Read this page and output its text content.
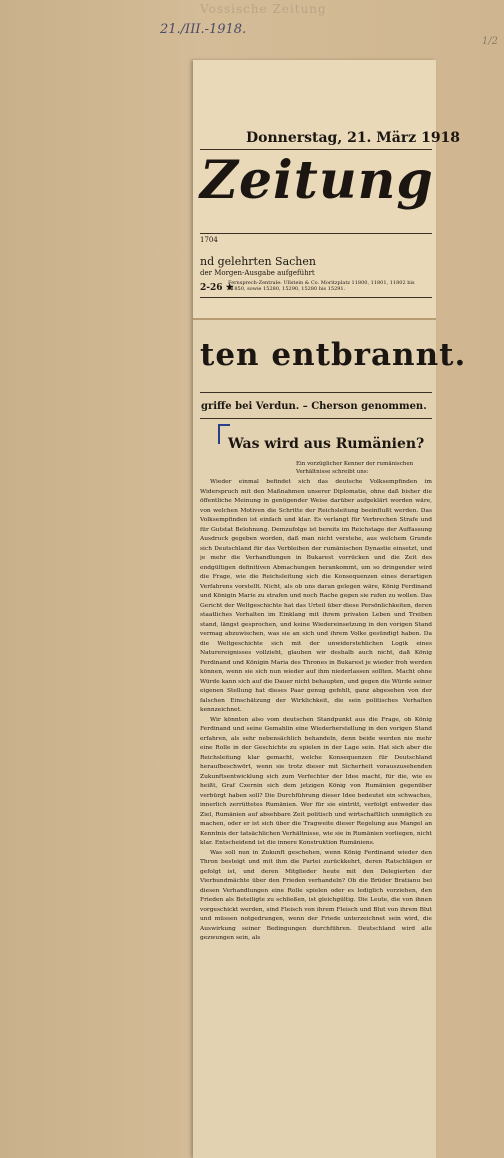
Vossische Zeitung
21./III.-1918.
1/2
Donnerstag, 21. März 1918
Zeitung
1704
nd gelehrten Sachen
der Morgen-Ausgabe aufgeführt
2-26 ★
Fernsprech-Zentrale: Ullstein & Co. Moritzplatz 11800, 11801, 11802 bis 11850, sowie 15280, 15290, 15280 bis 15291.
ten entbrannt.
griffe bei Verdun. – Cherson genommen.
Was wird aus Rumänien?
Ein vorzüglicher Kenner der rumänischen Verhältnisse schreibt uns:

Wieder einmal befindet sich das deutsche Volksempfinden im Widerspruch mit den Maßnahmen unserer Diplomatie, ohne daß bisher die öffentliche Meinung in genügender Weise darüber aufgeklärt worden wäre, von welchen Motiven die Schritte der Reichsleitung beeinflußt werden. Das Volksempfinden ist einfach und klar. Es verlangt für Verbrechen Strafe und für Gutstat Belohnung. Demzufolge ist bereits im Reichstage der Auffassung Ausdruck gegeben worden, daß man nicht verstehe, aus welchem Grunde sich Deutschland für das Verbleiben der rumänischen Dynastie einsetzt, und je mehr die Verhandlungen in Bukarest vorrücken und die Zeit des endgültigen definitiven Abmachungen herankommt, um so dringender wird die Frage, wie die Reichsleitung sich die Konsequenzen eines derartigen Verfahrens vorstellt. Nicht, als ob uns daran gelegen wäre, König Ferdinand und Königin Marie zu strafen und noch Rache gegen sie rufen zu wollen. Das Gericht der Weltgeschichte hat das Urteil über diese Persönlichkeiten, deren staatliches Verhalten im Einklang mit ihrem privaten Leben und Treiben stand, längst gesprochen, und keine Wiedereinsetzung in den vorigen Stand vermag abzuwischen, was sie an sich und ihrem Volke gesündigt haben. Da die Weltgeschichte sich mit der unwiderstehlichen Logik eines Naturereignisses vollzieht, glauben wir deshalb auch nicht, daß König Ferdinand und Königin Maria des Thrones in Bukarest je wieder froh werden können, wenn sie sich nun wieder auf ihm niederlassen sollten. Macht ohne Würde kann sich auf die Dauer nicht behaupten, und gegen die Würde seiner eigenen Stellung hat dieses Paar genug gefehlt, ganz abgesehen von der falschen Einschätzung der Wirklichkeit, die sein politisches Verhalten kennzeichnet.

Wir könnten also vom deutschen Standpunkt aus die Frage, ob König Ferdinand und seine Gemahlin eine Wiederherstellung in den vorigen Stand erfahren, als sehr nebensächlich behandeln, denn beide werden nie mehr eine Rolle in der Geschichte zu spielen in der Lage sein. Hat sich aber die Reichsleitung klar gemacht, welche Konsequenzen für Deutschland heraufbeschwört, wenn sie trotz dieser mit Sicherheit vorauszusehenden Zukunftsentwicklung sich zum Verfechter der Idee macht, für die, wie es heißt, Graf Czernin sich dem jetzigen König von Rumänien gegenüber verbürgt haben soll? Die Durchführung dieser Idee bedeutet ein schwaches, innerlich zerrüttetes Rumänien. Wer für sie eintritt, verfolgt entweder das Ziel, Rumänien auf absehbare Zeit politisch und wirtschaftlich unmöglich zu machen, oder er ist sich über die Tragweite dieser Regelung aus Mangel an Kenntnis der tatsächlichen Verhältnisse, wie sie in Rumänien vorliegen, nicht klar. Entscheidend ist die innere Konstruktion Rumäniens.

Was soll nun in Zukunft geschehen, wenn König Ferdinand wieder den Thron besteigt und mit ihm die Partei zurückkehrt, deren Ratschlägen er gefolgt ist, und deren Mitglieder heute mit den Delegierten der Vierbundmächte über den Frieden verhandeln? Ob die Brüder Bratianu bei diesen Verhandlungen eine Rolle spielen oder es lediglich vorziehen, den Frieden als Beteiligte zu schließen, ist gleichgültig. Die Leute, die von ihnen vorgeschickt werden, sind Fleisch von ihrem Fleisch und Blut von ihrem Blut und müssen notgedrungen, wenn der Friede unterzeichnet sein wird, die Auswirkung seiner Bedingungen durchführen. Deutschland wird alle gezwungen sein, als
